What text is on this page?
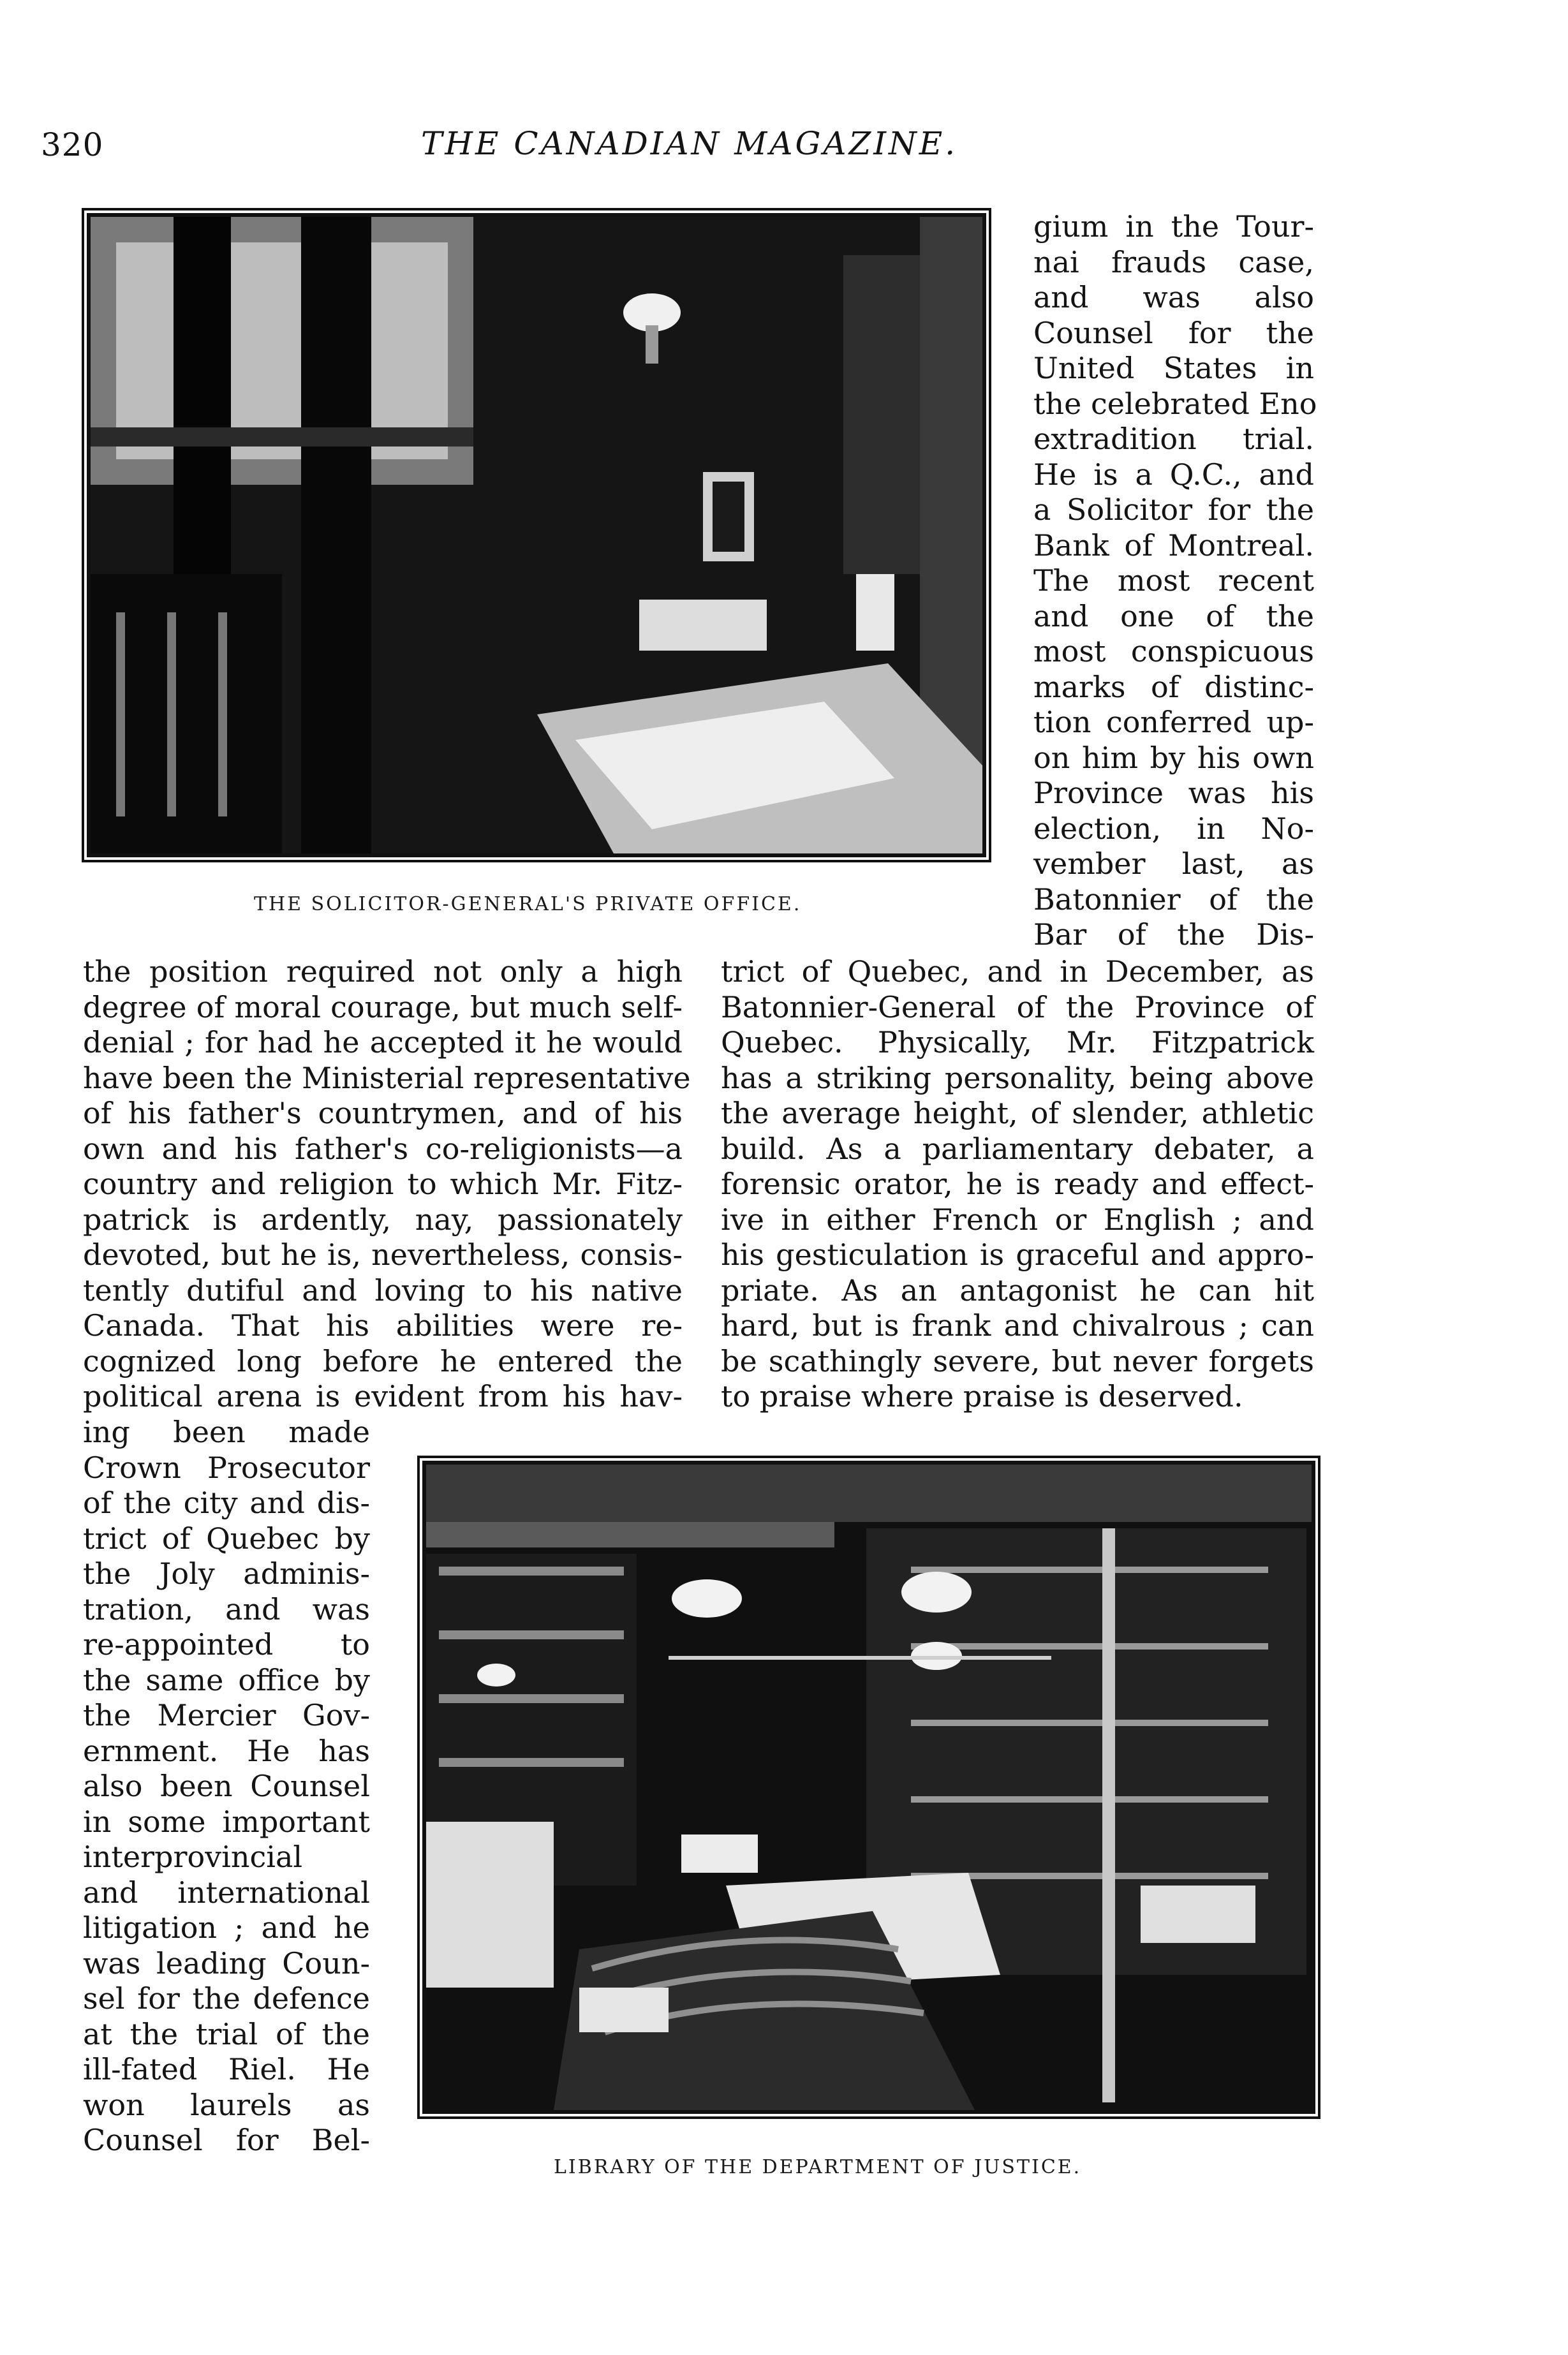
320	THE CANADIAN MAGAZINE.
THE SOLICITOR-GENERAL'S PRIVATE OFFICE.
gium in the Tour-
nai frauds case,
and was also
Counsel for the
United States in
the celebrated Eno
extradition trial.
He is a Q.C., and
a Solicitor for the
Bank of Montreal.
The most recent
and one of the
most conspicuous
marks of distinc-
tion conferred up-
on him by his own
Province was his
election, in No-
vember last, as
Batonnier of the
Bar of the Dis-
the position required not only a high
degree of moral courage, but much self-
denial ; for had he accepted it he would
have been the Ministerial representative
of his father's countrymen, and of his
own and his father's co-religionists—a
country and religion to which Mr. Fitz-
patrick is ardently, nay, passionately
devoted, but he is, nevertheless, consis-
tently dutiful and loving to his native
Canada. That his abilities were re-
cognized long before he entered the
political arena is evident from his hav-
trict of Quebec, and in December, as
Batonnier-General of the Province of
Quebec. Physically, Mr. Fitzpatrick
has a striking personality, being above
the average height, of slender, athletic
build. As a parliamentary debater, a
forensic orator, he is ready and effect-
ive in either French or English ; and
his gesticulation is graceful and appro-
priate. As an antagonist he can hit
hard, but is frank and chivalrous ; can
be scathingly severe, but never forgets
to praise where praise is deserved.
ing been made
Crown Prosecutor
of the city and dis-
trict of Quebec by
the Joly adminis-
tration, and was
re-appointed to
the same office by
the Mercier Gov-
ernment. He has
also been Counsel
in some important
interprovincial
and international
litigation ; and he
was leading Coun-
sel for the defence
at the trial of the
ill-fated Riel. He
won laurels as
Counsel for Bel-
LIBRARY OF THE DEPARTMENT OF JUSTICE.
